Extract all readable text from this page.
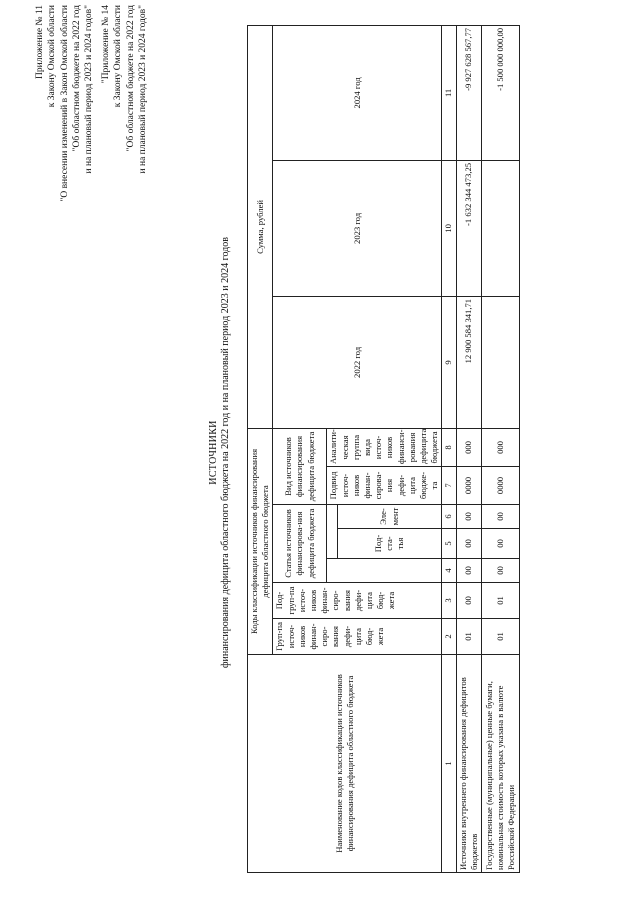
Приложение № 11 к Закону Омской области "О внесении изменений в Закон Омской области "Об областном бюджете на 2022 год и на плановый период 2023 и 2024 годов" "Приложение № 14 к Закону Омской области "Об областном бюджете на 2022 год и на плановый период 2023 и 2024 годов"
ИСТОЧНИКИ финансирования дефицита областного бюджета на 2022 год и на плановый период 2023 и 2024 годов
Наименование кодов классификации источников финансирования дефицита областного бюджета	Коды классификации источников финансирования дефицита областного бюджета							Сумма, рублей		
	Груп-па источ-ников финан-сиро-вания дефи-цита бюд-жета	Под-груп-па источ-ников финан-сиро-вания дефи-цита бюд-жета	Статья источников финансирова-ния дефицита бюджета			Вид источников финансирования дефицита бюджета		2022 год	2023 год	2024 год
						Подвид источ-ников финан-сирова-ния дефи-цита бюдже-та	Аналити-ческая группа вида источ-ников финанси-рования дефицита бюджета			
				Под-ста-тья	Эле-мент					
1	2	3	4	5	6	7	8	9	10	11
Источники внутреннего финансирования дефицитов бюджетов	01	00	00	00	00	0000	000	12 900 584 341,71	-1 632 344 473,25	-9 927 628 567,77
Государственные (муниципальные) ценные бумаги, номинальная стоимость которых указана в валюте Российской Федерации	01	01	00	00	00	0000	000			-1 500 000 000,00
